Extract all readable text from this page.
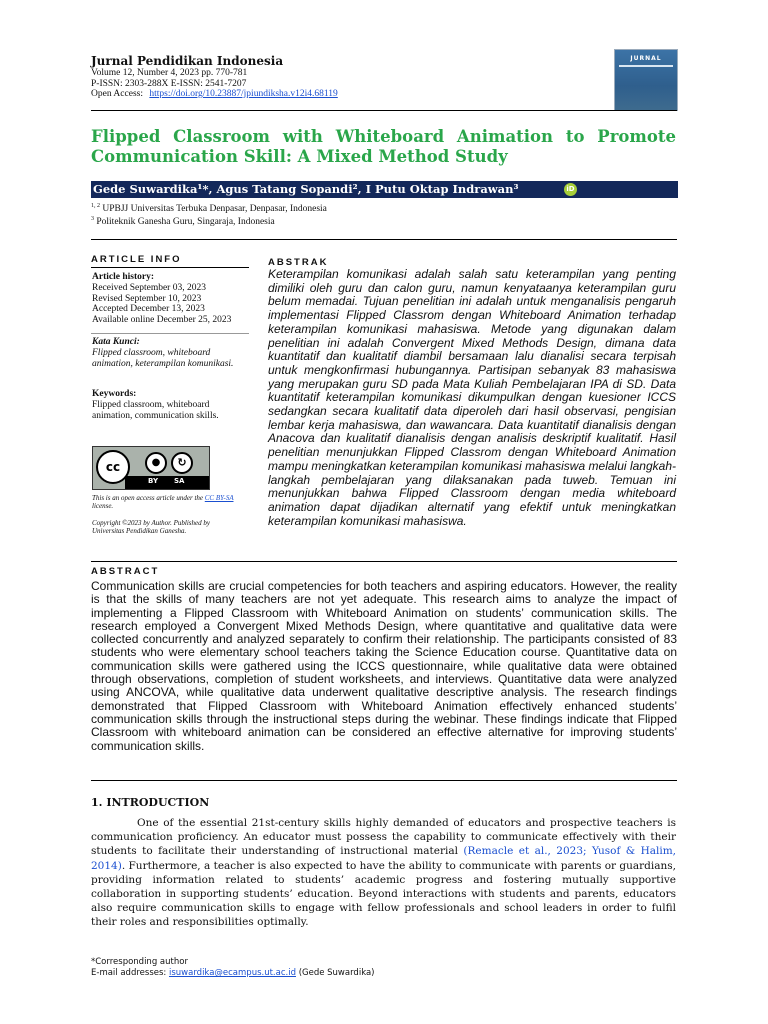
Jurnal Pendidikan Indonesia
Volume 12, Number 4, 2023 pp. 770-781
P-ISSN: 2303-288X E-ISSN: 2541-7207
Open Access: https://doi.org/10.23887/jpiundiksha.v12i4.68119
JURNAL
Flipped Classroom with Whiteboard Animation to Promote Communication Skill: A Mixed Method Study
Gede Suwardika¹*, Agus Tatang Sopandi², I Putu Oktap Indrawan³	iD
$^{1, 2}$ UPBJJ Universitas Terbuka Denpasar, Denpasar, Indonesia
$^3$ Politeknik Ganesha Guru, Singaraja, Indonesia
ARTICLE INFO
Article history:
Received September 03, 2023
Revised September 10, 2023
Accepted December 13, 2023
Available online December 25, 2023
Kata Kunci:
Flipped classroom, whiteboard animation, keterampilan komunikasi.
Keywords:
Flipped classroom, whiteboard animation, communication skills.
cc	●	↻
BY SA
This is an open access article under the CC BY-SA license.
Copyright ©2023 by Author. Published by Universitas Pendidikan Ganesha.
ABSTRAK
Keterampilan komunikasi adalah salah satu keterampilan yang penting dimiliki oleh guru dan calon guru, namun kenyataanya keterampilan guru belum memadai. Tujuan penelitian ini adalah untuk menganalisis pengaruh implementasi Flipped Classrom dengan Whiteboard Animation terhadap keterampilan komunikasi mahasiswa. Metode yang digunakan dalam penelitian ini adalah Convergent Mixed Methods Design, dimana data kuantitatif dan kualitatif diambil bersamaan lalu dianalisi secara terpisah untuk mengkonfirmasi hubungannya. Partisipan sebanyak 83 mahasiswa yang merupakan guru SD pada Mata Kuliah Pembelajaran IPA di SD. Data kuantitatif keterampilan komunikasi dikumpulkan dengan kuesioner ICCS sedangkan secara kualitatif data diperoleh dari hasil observasi, pengisian lembar kerja mahasiswa, dan wawancara. Data kuantitatif dianalisis dengan Anacova dan kualitatif dianalisis dengan analisis deskriptif kualitatif. Hasil penelitian menunjukkan Flipped Classrom dengan Whiteboard Animation mampu meningkatkan keterampilan komunikasi mahasiswa melalui langkah-langkah pembelajaran yang dilaksanakan pada tuweb. Temuan ini menunjukkan bahwa Flipped Classroom dengan media whiteboard animation dapat dijadikan alternatif yang efektif untuk meningkatkan keterampilan komunikasi mahasiswa.
ABSTRACT
Communication skills are crucial competencies for both teachers and aspiring educators. However, the reality is that the skills of many teachers are not yet adequate. This research aims to analyze the impact of implementing a Flipped Classroom with Whiteboard Animation on students’ communication skills. The research employed a Convergent Mixed Methods Design, where quantitative and qualitative data were collected concurrently and analyzed separately to confirm their relationship. The participants consisted of 83 students who were elementary school teachers taking the Science Education course. Quantitative data on communication skills were gathered using the ICCS questionnaire, while qualitative data were obtained through observations, completion of student worksheets, and interviews. Quantitative data were analyzed using ANCOVA, while qualitative data underwent qualitative descriptive analysis. The research findings demonstrated that Flipped Classroom with Whiteboard Animation effectively enhanced students’ communication skills through the instructional steps during the webinar. These findings indicate that Flipped Classroom with whiteboard animation can be considered an effective alternative for improving students’ communication skills.
1. INTRODUCTION
One of the essential 21st-century skills highly demanded of educators and prospective teachers is communication proficiency. An educator must possess the capability to communicate effectively with their students to facilitate their understanding of instructional material (Remacle et al., 2023; Yusof & Halim, 2014). Furthermore, a teacher is also expected to have the ability to communicate with parents or guardians, providing information related to students’ academic progress and fostering mutually supportive collaboration in supporting students’ education. Beyond interactions with students and parents, educators also require communication skills to engage with fellow professionals and school leaders in order to fulfil their roles and responsibilities optimally.
*Corresponding author
E-mail addresses: isuwardika@ecampus.ut.ac.id (Gede Suwardika)
